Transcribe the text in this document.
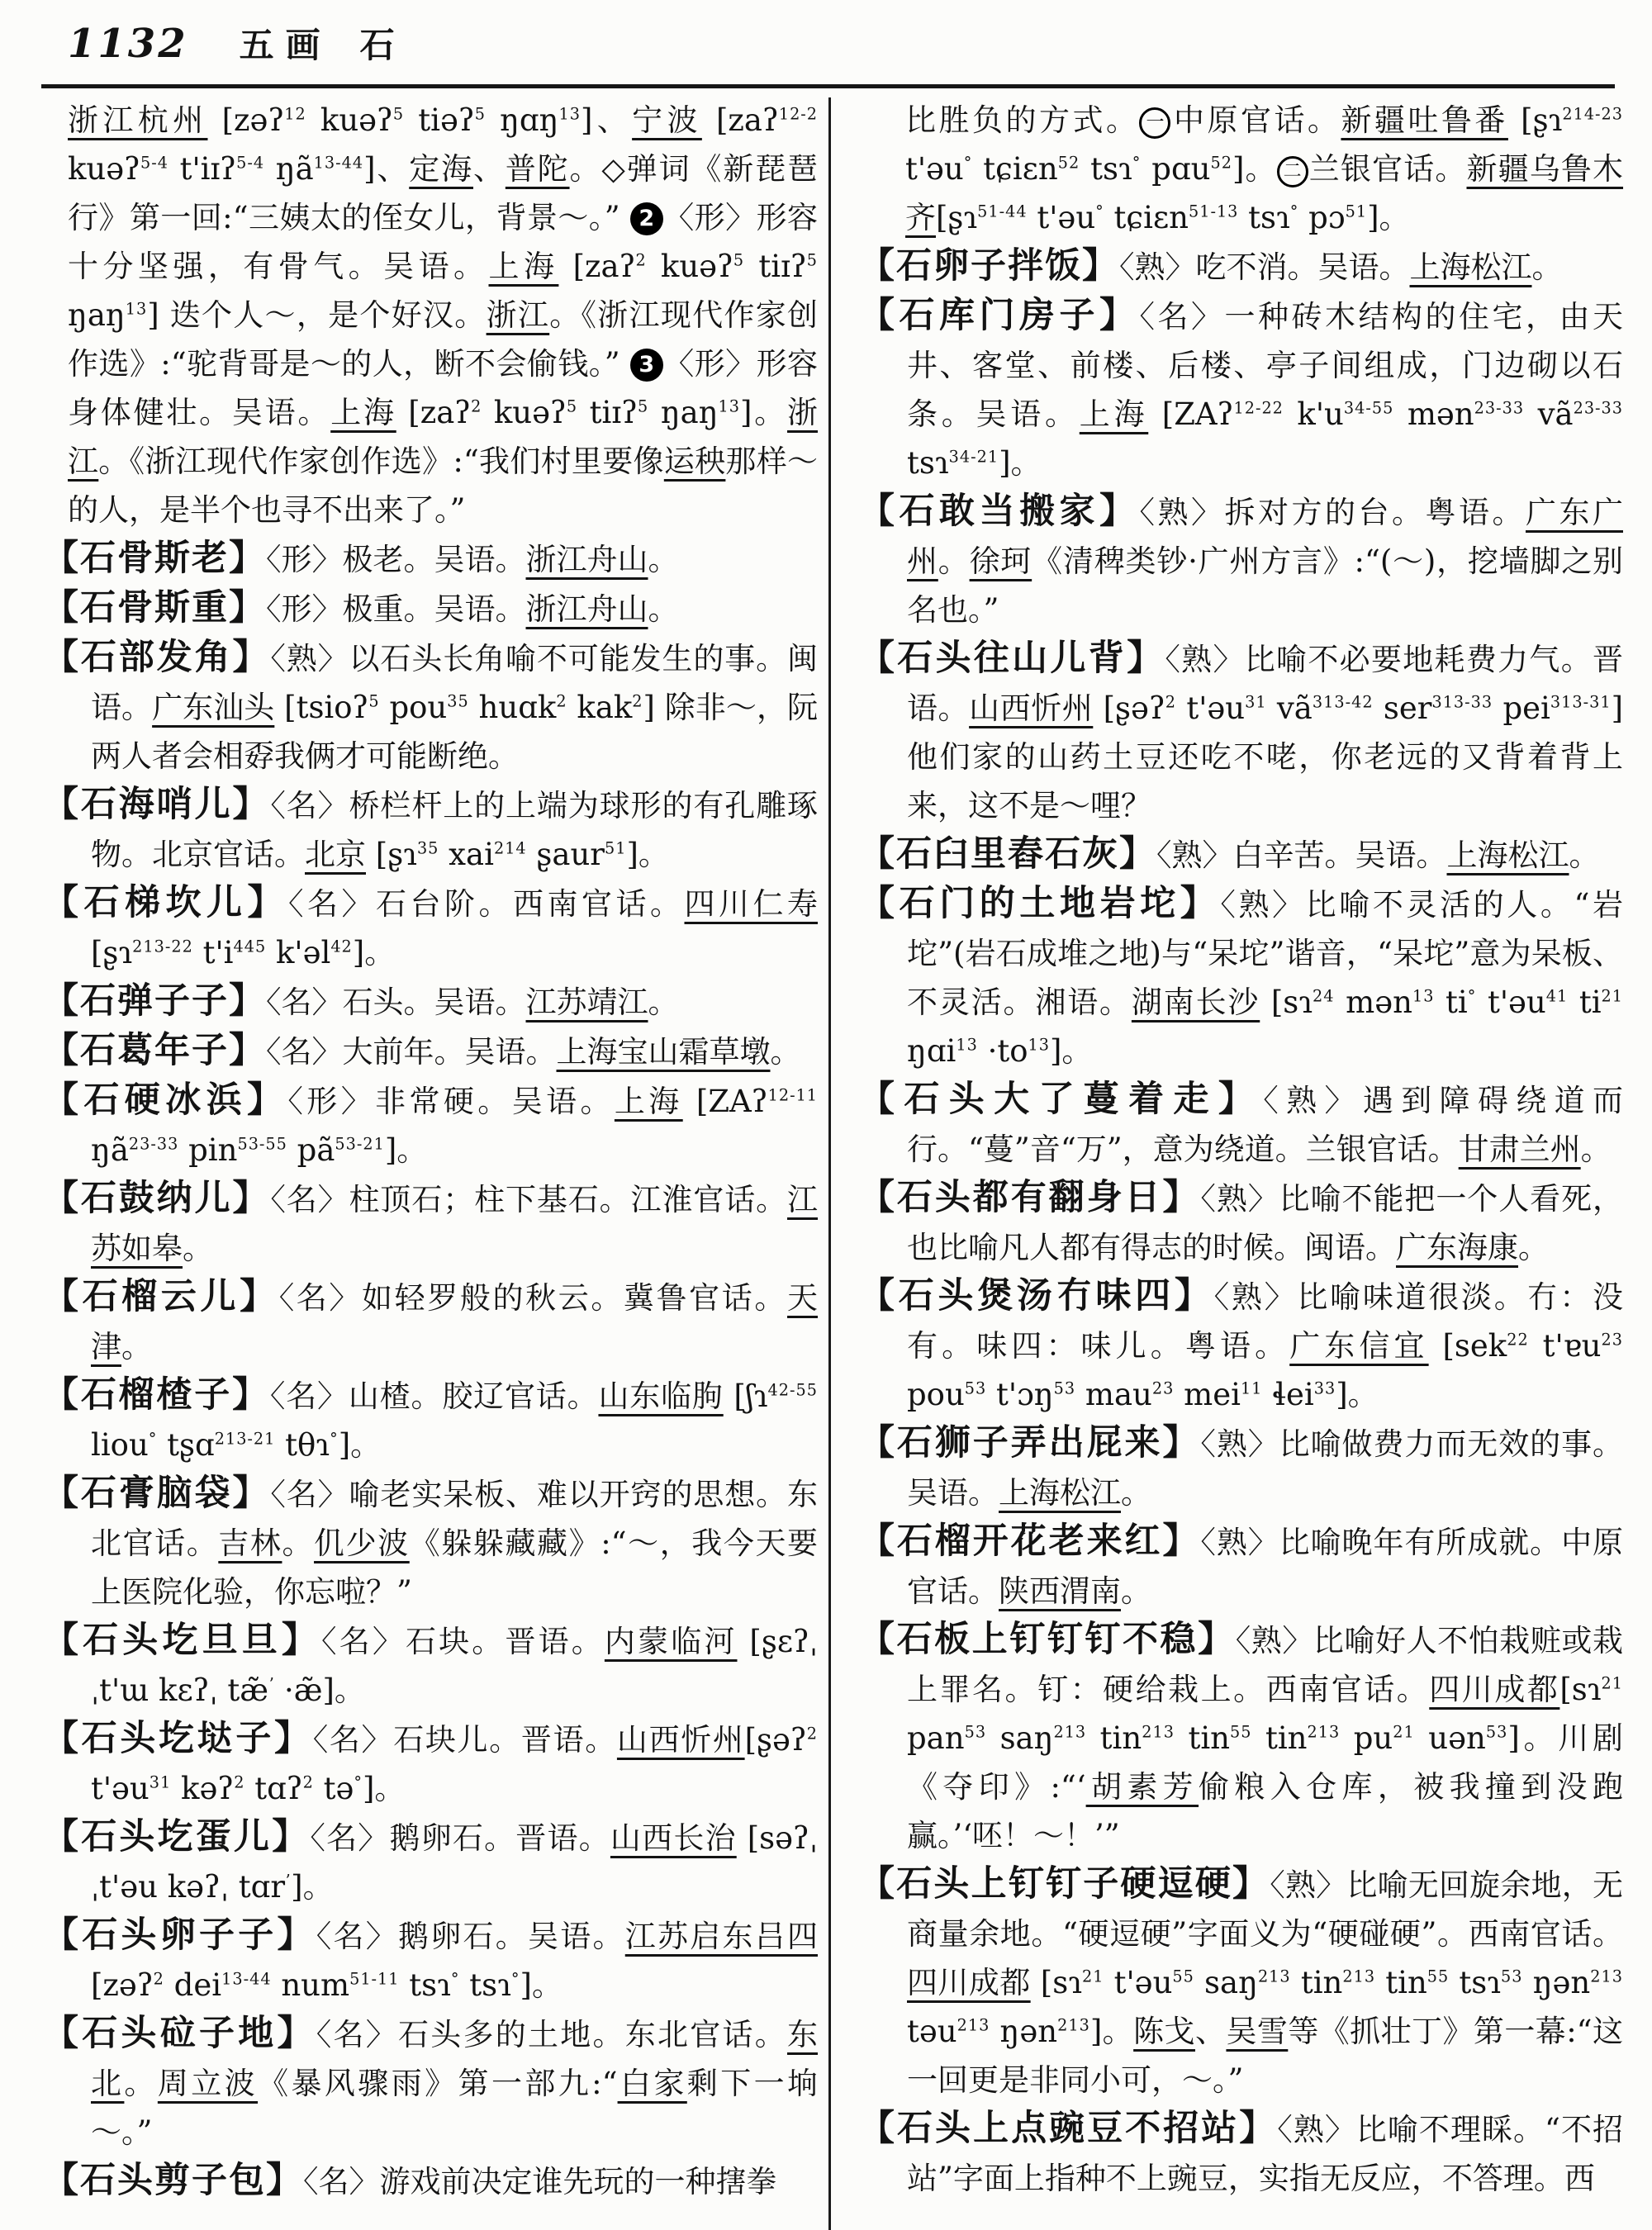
1132 五画 石

浙江杭州 [zəʔ$^{12}$ kuəʔ$^5$ tiəʔ$^5$ ŋɑŋ$^{13}$]、宁波 [zaʔ$^{12-2}$ kuəʔ$^{5-4}$ t'iɪʔ$^{5-4}$ $ŋã^{13-44}$]、定海、普陀。◇弹词《新琵琶行》第一回:“三姨太的侄女儿，背景～。” 2 〈形〉形容十分坚强，有骨气。吴语。上海 [zaʔ$^2$ kuəʔ$^5$ tiɪʔ$^5$ ŋaŋ$^{13}$] 迭个人～，是个好汉。浙江。《浙江现代作家创作选》:“驼背哥是～的人，断不会偷钱。” 3 〈形〉形容身体健壮。吴语。上海 [zaʔ$^2$ kuəʔ$^5$ tiɪʔ$^5$ ŋaŋ$^{13}$]。浙江。《浙江现代作家创作选》:“我们村里要像运秧那样～的人，是半个也寻不出来了。”

【石骨斯老】〈形〉极老。吴语。浙江舟山。

【石骨斯重】〈形〉极重。吴语。浙江舟山。

【石部发角】〈熟〉以石头长角喻不可能发生的事。闽语。广东汕头 [tsioʔ$^5$ pou$^{35}$ huɑk$^2$ kak$^2$] 除非～，阮两人者会相孬我俩才可能断绝。

【石海哨儿】〈名〉桥栏杆上的上端为球形的有孔雕琢物。北京官话。北京 [ʂɿ$^{35}$ xai$^{214}$ ʂaur$^{51}$]。

【石梯坎儿】〈名〉石台阶。西南官话。四川仁寿 [ʂɿ$^{213-22}$ $t'i^{445}$ k'əl$^{42}$]。

【石弹子子】〈名〉石头。吴语。江苏靖江。

【石葛年子】〈名〉大前年。吴语。上海宝山霜草墩。

【石硬冰浜】〈形〉非常硬。吴语。上海 [ZAʔ$^{12-11}$ $ŋã^{23-33}$ pin$^{53-55}$ $pã^{53-21}$]。

【石鼓纳儿】〈名〉柱顶石；柱下基石。江淮官话。江苏如皋。

【石榴云儿】〈名〉如轻罗般的秋云。冀鲁官话。天津。

【石榴楂子】〈名〉山楂。胶辽官话。山东临朐 [ʃɿ$^{42-55}$ liou° tʂɑ$^{213-21}$ tθɿ°]。

【石膏脑袋】〈名〉喻老实呆板、难以开窍的思想。东北官话。吉林。仉少波《躲躲藏藏》:“～，我今天要上医院化验，你忘啦？”

【石头圪旦旦】〈名〉石块。晋语。内蒙临河 [ʂɛʔˌ ˌt'ɯ kɛʔˌ tæ̃$^ʼ$ ·æ̃]。

【石头圪垯子】〈名〉石块儿。晋语。山西忻州[ʂəʔ$^2$ t'əu$^{31}$ kəʔ$^2$ tɑʔ$^2$ tə°]。

【石头圪蛋儿】〈名〉鹅卵石。晋语。山西长治 [səʔˌ ˌt'əu kəʔˌ tɑr$^ʼ$]。

【石头卵子子】〈名〉鹅卵石。吴语。江苏启东吕四 [zəʔ$^2$ dei$^{13-44}$ num$^{51-11}$ tsɿ° tsɿ°]。

【石头砬子地】〈名〉石头多的土地。东北官话。东北。周立波《暴风骤雨》第一部九:“白家剩下一垧～。”

【石头剪子包】〈名〉游戏前决定谁先玩的一种搳拳

比胜负的方式。 一 中原官话。新疆吐鲁番 [ʂɿ$^{214-23}$ t'əu° tɕiɛn$^{52}$ tsɿ° pɑu$^{52}$]。 二 兰银官话。新疆乌鲁木齐[ʂɿ$^{51-44}$ t'əu° tɕiɛn$^{51-13}$ tsɿ° pɔ$^{51}$]。

【石卵子拌饭】〈熟〉吃不消。吴语。上海松江。

【石库门房子】〈名〉一种砖木结构的住宅，由天井、客堂、前楼、后楼、亭子间组成，门边砌以石条。吴语。上海 [ZAʔ$^{12-22}$ $k'u^{34-55}$ mən$^{23-33}$ $vã^{23-33}$ tsɿ$^{34-21}$]。

【石敢当搬家】〈熟〉拆对方的台。粤语。广东广州。徐珂《清稗类钞·广州方言》:“(～)，挖墙脚之别名也。”

【石头往山儿背】〈熟〉比喻不必要地耗费力气。晋语。山西忻州 [ʂəʔ$^2$ t'əu$^{31}$ $vã^{313-42}$ ser$^{313-33}$ pei$^{313-31}$] 他们家的山药土豆还吃不咾，你老远的又背着背上来，这不是～哩？

【石臼里舂石灰】〈熟〉白辛苦。吴语。上海松江。

【石门的土地岩坨】〈熟〉比喻不灵活的人。“岩坨”(岩石成堆之地)与“呆坨”谐音，“呆坨”意为呆板、不灵活。湘语。湖南长沙 [sɿ$^{24}$ mən$^{13}$ ti° t'əu$^{41}$ $ti^{21}$ ŋɑi$^{13}$ $\cdot to^{13}$]。

【石头大了蔓着走】〈熟〉遇到障碍绕道而行。“蔓”音“万”，意为绕道。兰银官话。甘肃兰州。

【石头都有翻身日】〈熟〉比喻不能把一个人看死，也比喻凡人都有得志的时候。闽语。广东海康。

【石头煲汤冇味四】〈熟〉比喻味道很淡。冇：没有。味四：味儿。粤语。广东信宜 [sek$^{22}$ t'ɐu$^{23}$ pou$^{53}$ t'ɔŋ$^{53}$ mau$^{23}$ mei$^{11}$ ɬei$^{33}$]。

【石狮子弄出屁来】〈熟〉比喻做费力而无效的事。吴语。上海松江。

【石榴开花老来红】〈熟〉比喻晚年有所成就。中原官话。陕西渭南。

【石板上钉钉钉不稳】〈熟〉比喻好人不怕栽赃或栽上罪名。钉：硬给栽上。西南官话。四川成都[sɿ$^{21}$ pan$^{53}$ saŋ$^{213}$ tin$^{213}$ tin$^{55}$ tin$^{213}$ $pu^{21}$ uən$^{53}$]。川剧《夺印》:“‘胡素芳偷粮入仓库，被我撞到没跑赢。’‘呸！～！’”

【石头上钉钉子硬逗硬】〈熟〉比喻无回旋余地，无商量余地。“硬逗硬”字面义为“硬碰硬”。西南官话。四川成都 [sɿ$^{21}$ t'əu$^{55}$ saŋ$^{213}$ tin$^{213}$ tin$^{55}$ tsɿ$^{53}$ ŋən$^{213}$ təu$^{213}$ ŋən$^{213}$]。陈戈、吴雪等《抓壮丁》第一幕:“这一回更是非同小可，～。”

【石头上点豌豆不招站】〈熟〉比喻不理睬。“不招站”字面上指种不上豌豆，实指无反应，不答理。西
